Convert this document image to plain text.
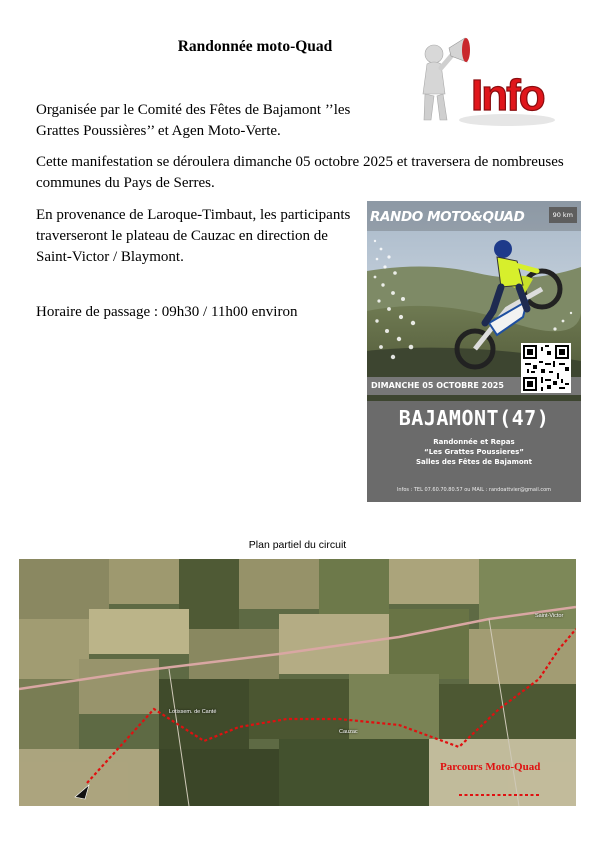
Randonnée moto-Quad

Organisée par le Comité des Fêtes de Bajamont ’’les Grattes Poussières’’ et Agen Moto-Verte.

Cette manifestation se déroulera dimanche 05 octobre 2025 et traversera de nombreuses communes du Pays de Serres.

En provenance de Laroque-Timbaut, les participants traverseront le plateau de Cauzac en direction de Saint-Victor / Blaymont.

Horaire de passage : 09h30 / 11h00 environ

Info
RANDO MOTO&QUAD	90 km
DIMANCHE 05 OCTOBRE 2025
BAJAMONT(47)
Randonnée et Repas
“Les Grattes Poussieres”
Salles des Fêtes de Bajamont
Infos : TEL 07.60.70.80.57 ou MAIL : randoattvier@gmail.com
Plan partiel du circuit
Saint-Victor
Lotissem. de Canté
Cauzac
Parcours Moto-Quad
